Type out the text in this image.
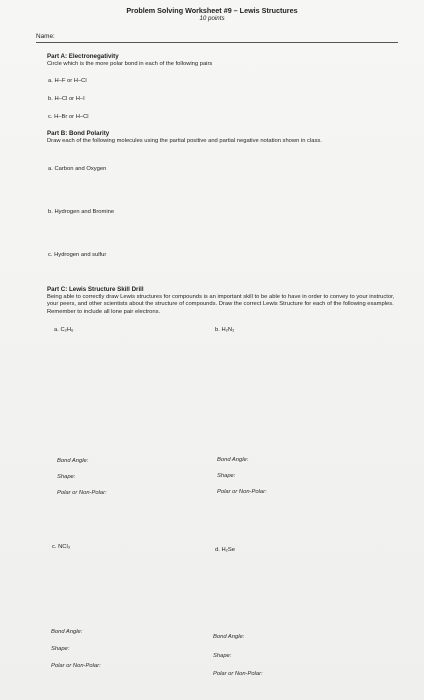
Problem Solving Worksheet #9 – Lewis Structures
10 points
Name:
Part A: Electronegativity
Circle which is the more polar bond in each of the following pairs
a. H–F or H–Cl
b. H–Cl or H–I
c. H–Br or H–Cl
Part B: Bond Polarity
Draw each of the following molecules using the partial positive and partial negative notation shown in class.
a. Carbon and Oxygen
b. Hydrogen and Bromine
c. Hydrogen and sulfur
Part C: Lewis Structure Skill Drill
Being able to correctly draw Lewis structures for compounds is an important skill to be able to have in order to convey to your instructor, your peers, and other scientists about the structure of compounds. Draw the correct Lewis Structure for each of the following examples. Remember to include all lone pair electrons.
a. C₂H₆	b. H₂N₂
Bond Angle:
Shape:
Polar or Non-Polar:
Bond Angle:
Shape:
Polar or Non-Polar:
c. NCl₃	d. H₂Se
Bond Angle:
Shape:
Polar or Non-Polar:
Bond Angle:
Shape:
Polar or Non-Polar:
